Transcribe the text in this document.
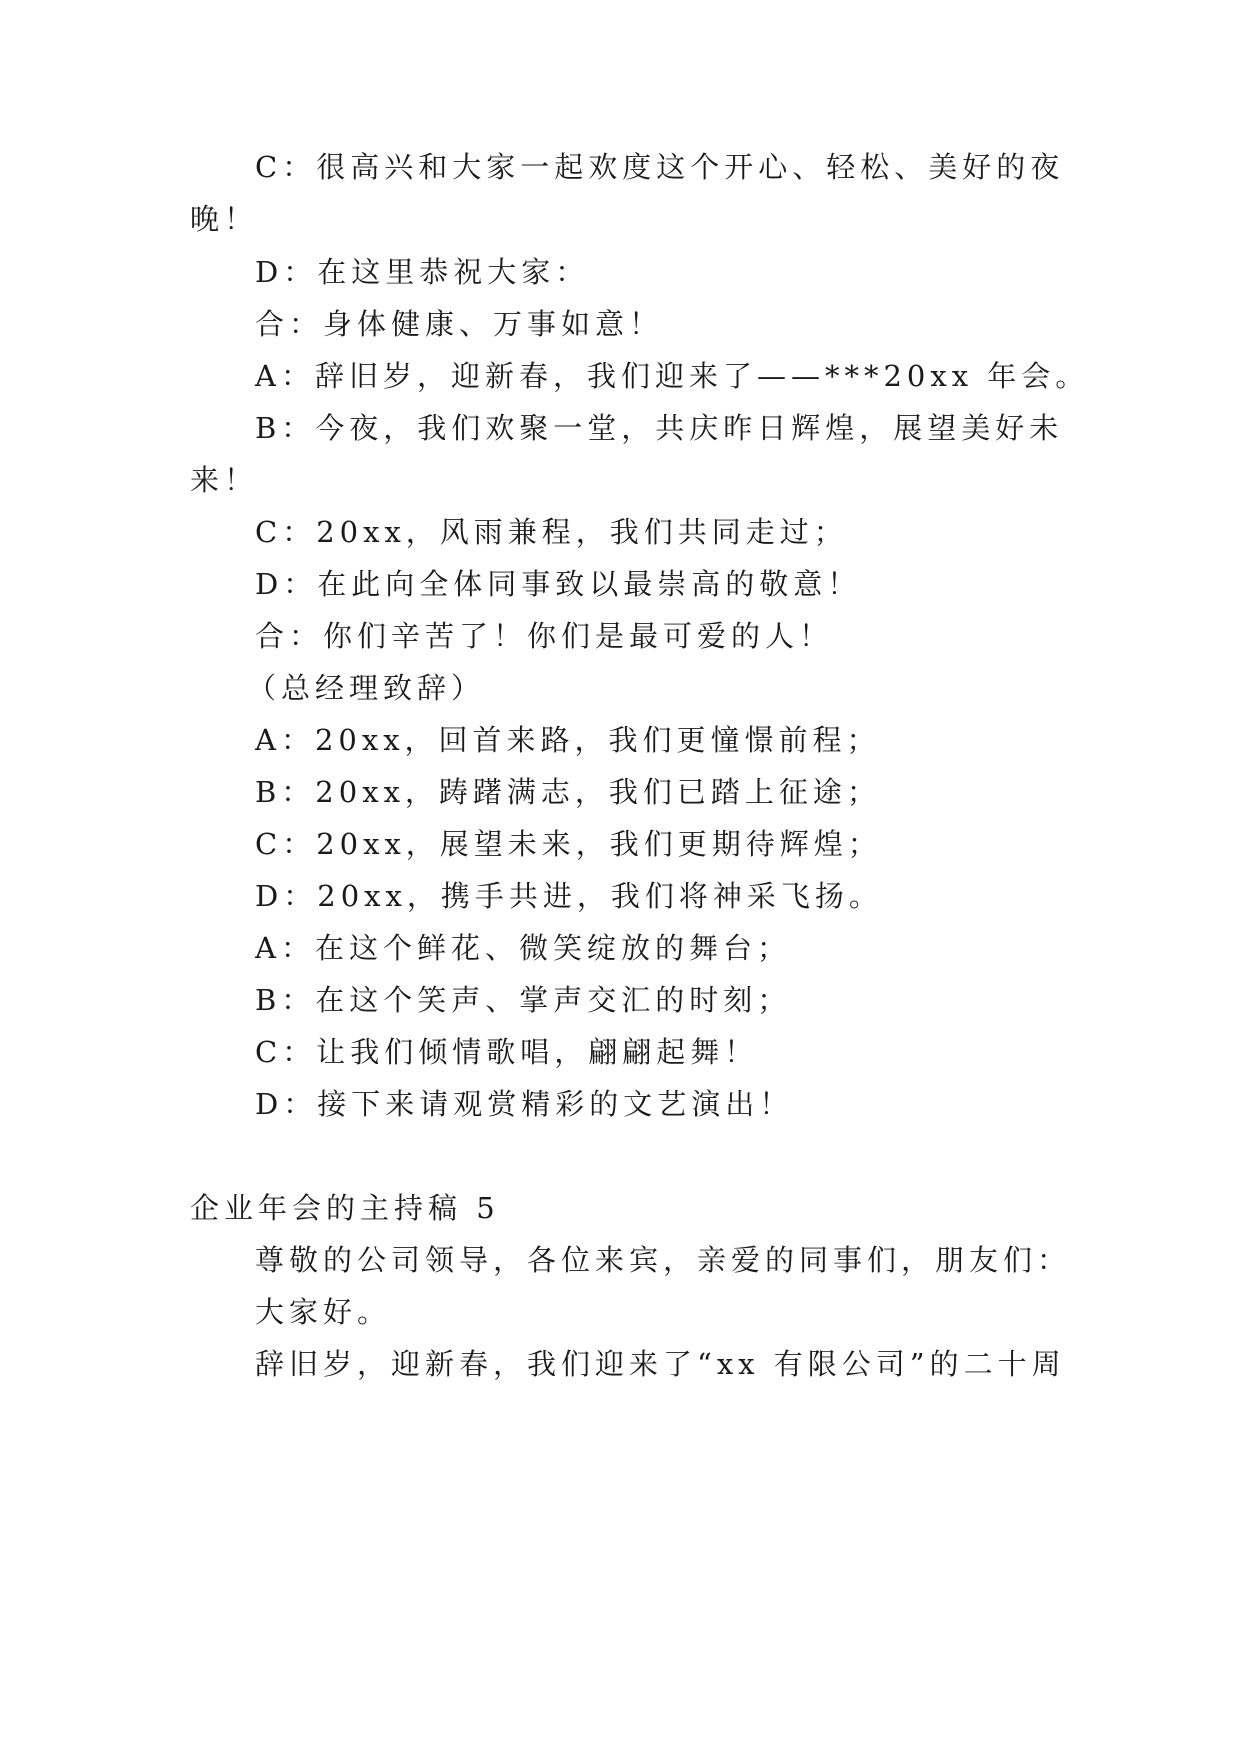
C：很高兴和大家一起欢度这个开心、轻松、美好的夜
晚！
D：在这里恭祝大家：
合：身体健康、万事如意！
A：辞旧岁，迎新春，我们迎来了——***20xx 年会。
B：今夜，我们欢聚一堂，共庆昨日辉煌，展望美好未
来！
C：20xx，风雨兼程，我们共同走过；
D：在此向全体同事致以最崇高的敬意！
合：你们辛苦了！你们是最可爱的人！
（总经理致辞）
A：20xx，回首来路，我们更憧憬前程；
B：20xx，踌躇满志，我们已踏上征途；
C：20xx，展望未来，我们更期待辉煌；
D：20xx，携手共进，我们将神采飞扬。
A：在这个鲜花、微笑绽放的舞台；
B：在这个笑声、掌声交汇的时刻；
C：让我们倾情歌唱，翩翩起舞！
D：接下来请观赏精彩的文艺演出！
企业年会的主持稿 5
尊敬的公司领导，各位来宾，亲爱的同事们，朋友们：
大家好。
辞旧岁，迎新春，我们迎来了“xx 有限公司”的二十周
